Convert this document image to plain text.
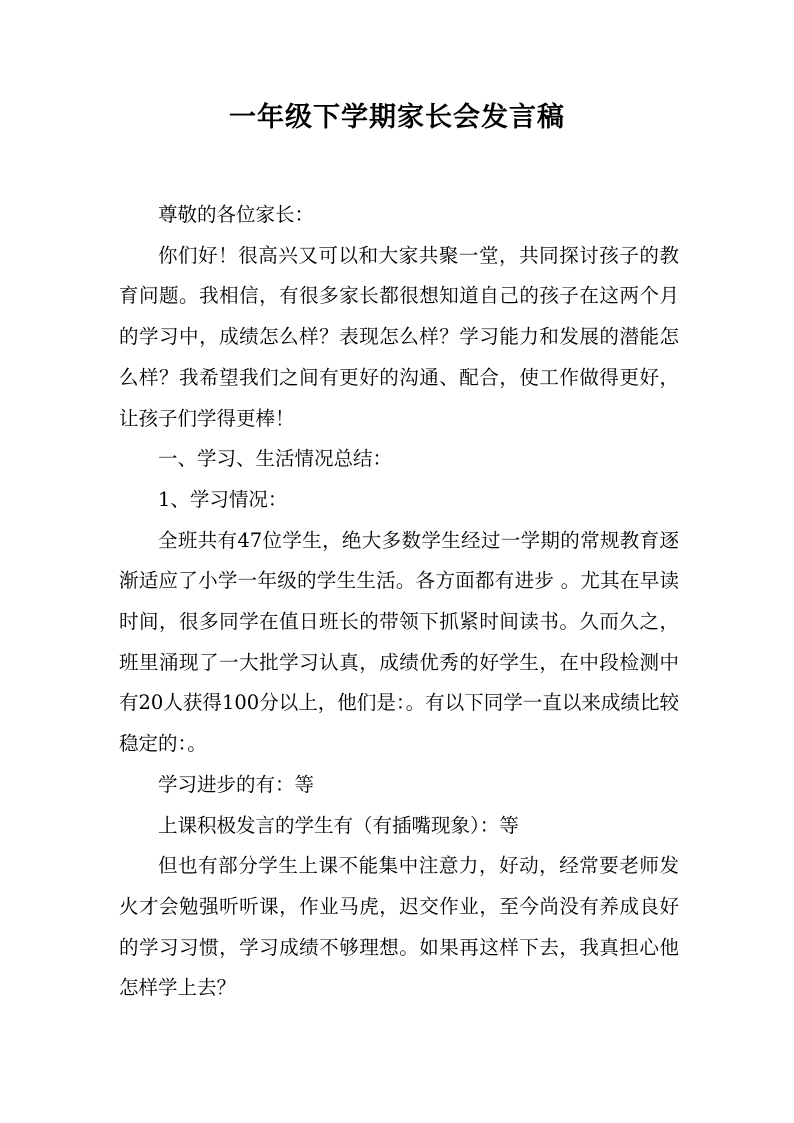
一年级下学期家长会发言稿

尊敬的各位家长：

你们好！很高兴又可以和大家共聚一堂，共同探讨孩子的教育问题。我相信，有很多家长都很想知道自己的孩子在这两个月的学习中，成绩怎么样？表现怎么样？学习能力和发展的潜能怎么样？我希望我们之间有更好的沟通、配合，使工作做得更好，让孩子们学得更棒！

一、学习、生活情况总结：

1、学习情况：

全班共有47位学生，绝大多数学生经过一学期的常规教育逐渐适应了小学一年级的学生生活。各方面都有进步 。尤其在早读时间，很多同学在值日班长的带领下抓紧时间读书。久而久之，班里涌现了一大批学习认真，成绩优秀的好学生，在中段检测中有20人获得100分以上，他们是：。有以下同学一直以来成绩比较稳定的：。

学习进步的有：等

上课积极发言的学生有（有插嘴现象）：等

但也有部分学生上课不能集中注意力，好动，经常要老师发火才会勉强听听课，作业马虎，迟交作业，至今尚没有养成良好的学习习惯，学习成绩不够理想。如果再这样下去，我真担心他怎样学上去？
